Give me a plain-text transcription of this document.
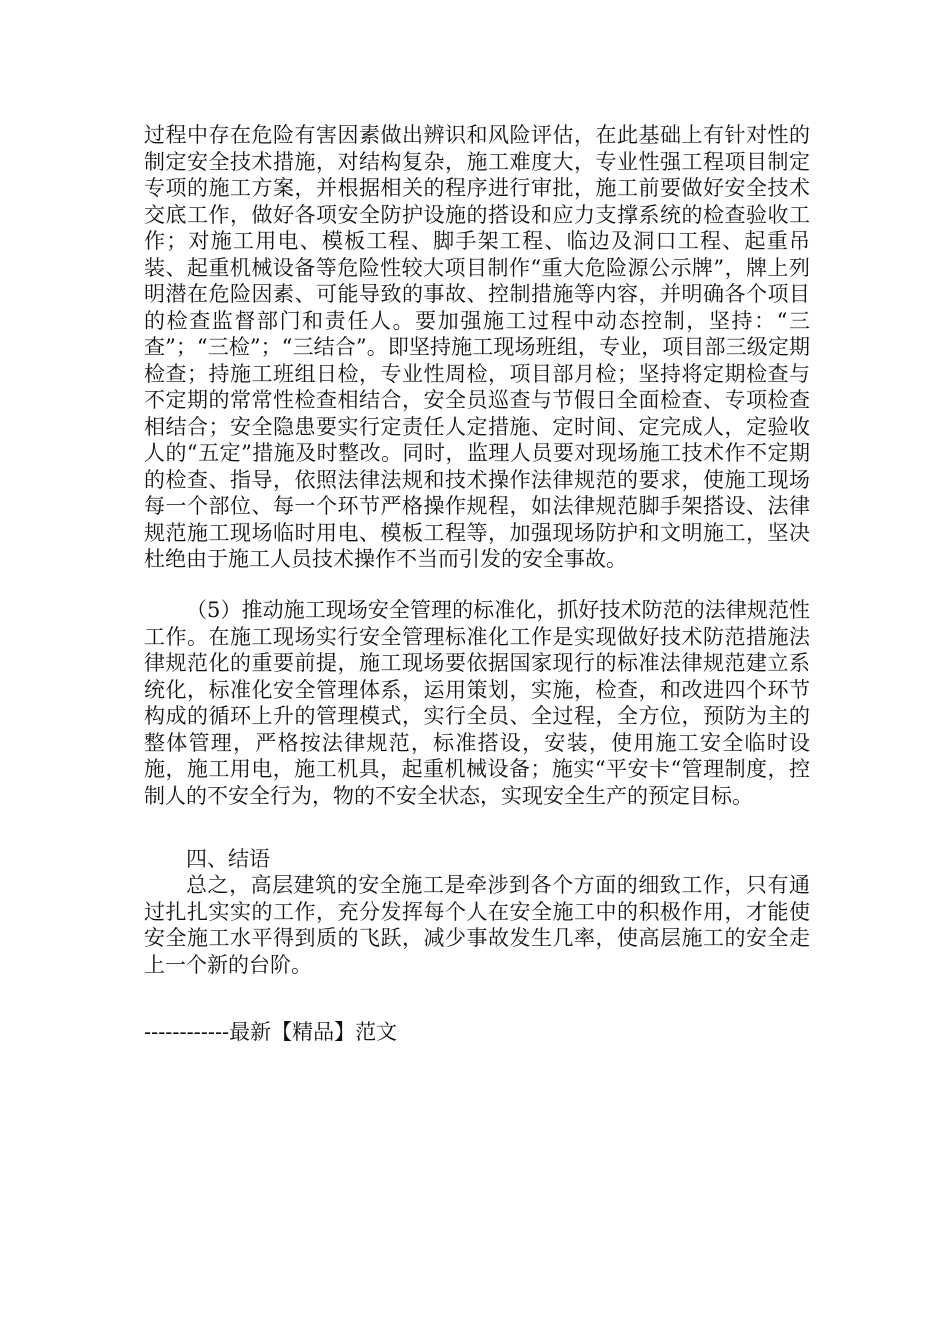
过程中存在危险有害因素做出辨识和风险评估，在此基础上有针对性的制定安全技术措施，对结构复杂，施工难度大，专业性强工程项目制定专项的施工方案，并根据相关的程序进行审批，施工前要做好安全技术交底工作，做好各项安全防护设施的搭设和应力支撑系统的检查验收工作；对施工用电、模板工程、脚手架工程、临边及洞口工程、起重吊装、起重机械设备等危险性较大项目制作“重大危险源公示牌”，牌上列明潜在危险因素、可能导致的事故、控制措施等内容，并明确各个项目的检查监督部门和责任人。要加强施工过程中动态控制，坚持：“三查”；“三检”；“三结合”。即坚持施工现场班组，专业，项目部三级定期检查；持施工班组日检，专业性周检，项目部月检；坚持将定期检查与不定期的常常性检查相结合，安全员巡查与节假日全面检查、专项检查相结合；安全隐患要实行定责任人定措施、定时间、定完成人，定验收人的“五定”措施及时整改。同时，监理人员要对现场施工技术作不定期的检查、指导，依照法律法规和技术操作法律规范的要求，使施工现场每一个部位、每一个环节严格操作规程，如法律规范脚手架搭设、法律规范施工现场临时用电、模板工程等，加强现场防护和文明施工，坚决杜绝由于施工人员技术操作不当而引发的安全事故。

（5）推动施工现场安全管理的标准化，抓好技术防范的法律规范性工作。在施工现场实行安全管理标准化工作是实现做好技术防范措施法律规范化的重要前提，施工现场要依据国家现行的标准法律规范建立系统化，标准化安全管理体系，运用策划，实施，检查，和改进四个环节构成的循环上升的管理模式，实行全员、全过程，全方位，预防为主的整体管理，严格按法律规范，标准搭设，安装，使用施工安全临时设施，施工用电，施工机具，起重机械设备；施实“平安卡“管理制度，控制人的不安全行为，物的不安全状态，实现安全生产的预定目标。

四、结语

总之，高层建筑的安全施工是牵涉到各个方面的细致工作，只有通过扎扎实实的工作，充分发挥每个人在安全施工中的积极作用，才能使安全施工水平得到质的飞跃，减少事故发生几率，使高层施工的安全走上一个新的台阶。

------------最新【精品】范文
